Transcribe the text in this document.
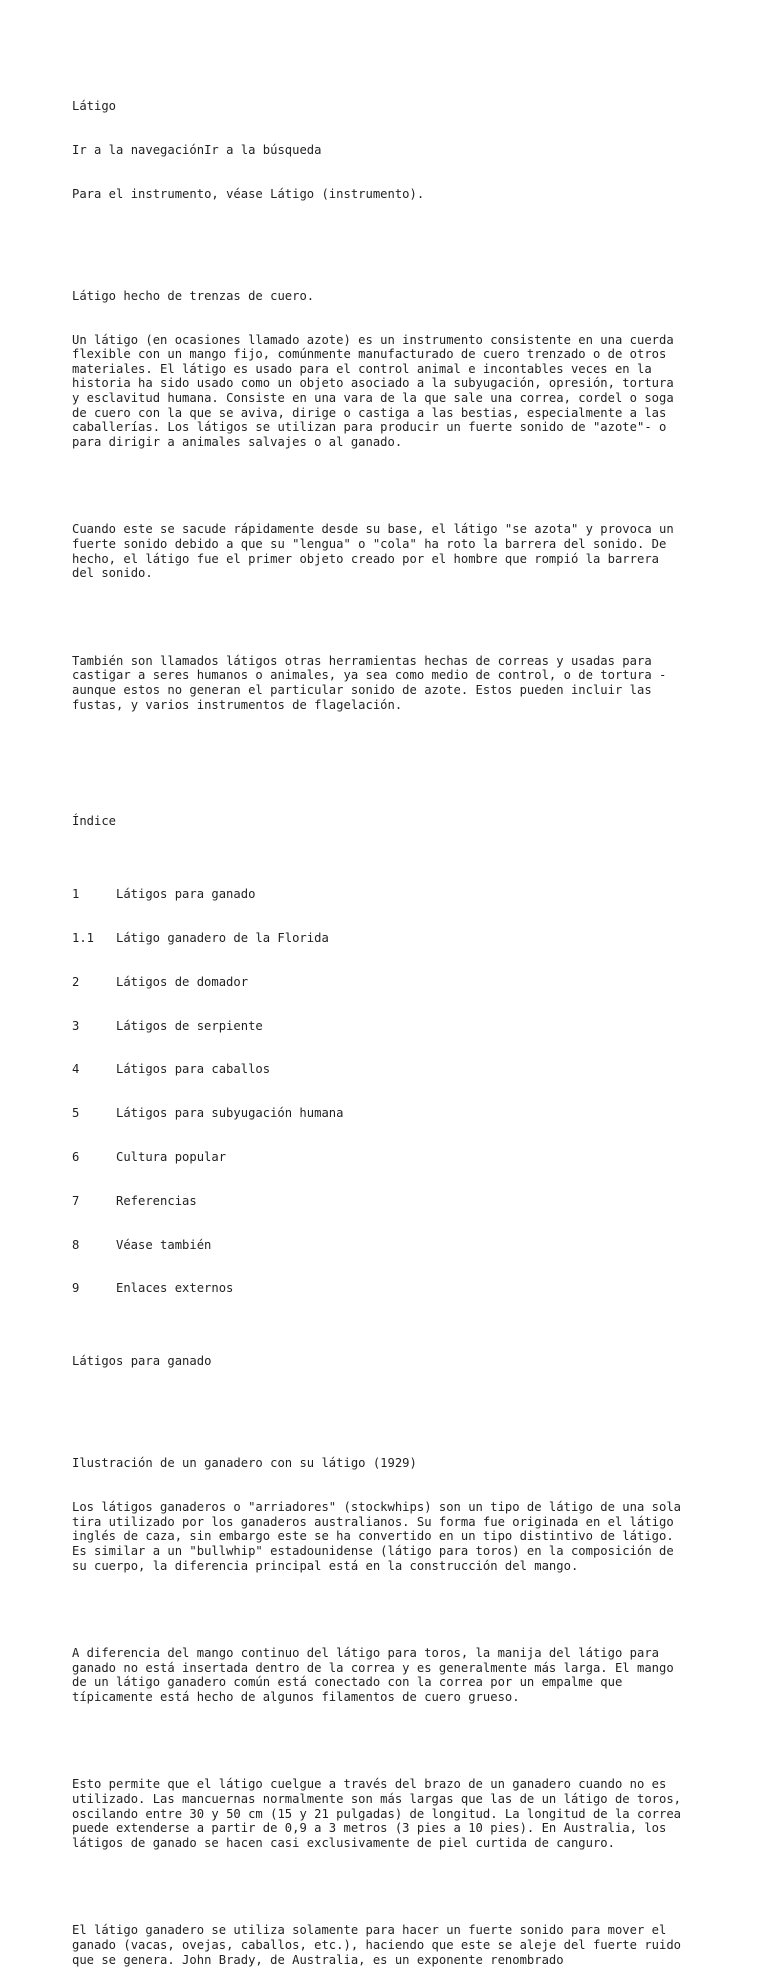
Látigo

Ir a la navegaciónIr a la búsqueda

Para el instrumento, véase Látigo (instrumento).

Látigo hecho de trenzas de cuero.

Un látigo (en ocasiones llamado azote) es un instrumento consistente en una cuerda
flexible con un mango fijo, comúnmente manufacturado de cuero trenzado o de otros
materiales. El látigo es usado para el control animal e incontables veces en la
historia ha sido usado como un objeto asociado a la subyugación, opresión, tortura
y esclavitud humana. Consiste en una vara de la que sale una correa, cordel o soga
de cuero con la que se aviva, dirige o castiga a las bestias, especialmente a las
caballerías. Los látigos se utilizan para producir un fuerte sonido de "azote"- o
para dirigir a animales salvajes o al ganado.

Cuando este se sacude rápidamente desde su base, el látigo "se azota" y provoca un
fuerte sonido debido a que su "lengua" o "cola" ha roto la barrera del sonido. De
hecho, el látigo fue el primer objeto creado por el hombre que rompió la barrera
del sonido.

También son llamados látigos otras herramientas hechas de correas y usadas para
castigar a seres humanos o animales, ya sea como medio de control, o de tortura -
aunque estos no generan el particular sonido de azote. Estos pueden incluir las
fustas, y varios instrumentos de flagelación.

Índice

1	Látigos para ganado

1.1 Látigo ganadero de la Florida

2	Látigos de domador

3	Látigos de serpiente

4	Látigos para caballos

5	Látigos para subyugación humana

6	Cultura popular

7	Referencias

8	Véase también

9	Enlaces externos

Látigos para ganado

Ilustración de un ganadero con su látigo (1929)

Los látigos ganaderos o "arriadores" (stockwhips) son un tipo de látigo de una sola
tira utilizado por los ganaderos australianos. Su forma fue originada en el látigo
inglés de caza, sin embargo este se ha convertido en un tipo distintivo de látigo.
Es similar a un "bullwhip" estadounidense (látigo para toros) en la composición de
su cuerpo, la diferencia principal está en la construcción del mango.

A diferencia del mango continuo del látigo para toros, la manija del látigo para
ganado no está insertada dentro de la correa y es generalmente más larga. El mango
de un látigo ganadero común está conectado con la correa por un empalme que
típicamente está hecho de algunos filamentos de cuero grueso.

Esto permite que el látigo cuelgue a través del brazo de un ganadero cuando no es
utilizado. Las mancuernas normalmente son más largas que las de un látigo de toros,
oscilando entre 30 y 50 cm (15 y 21 pulgadas) de longitud. La longitud de la correa
puede extenderse a partir de 0,9 a 3 metros (3 pies a 10 pies). En Australia, los
látigos de ganado se hacen casi exclusivamente de piel curtida de canguro.

El látigo ganadero se utiliza solamente para hacer un fuerte sonido para mover el
ganado (vacas, ovejas, caballos, etc.), haciendo que este se aleje del fuerte ruido
que se genera. John Brady, de Australia, es un exponente renombrado
